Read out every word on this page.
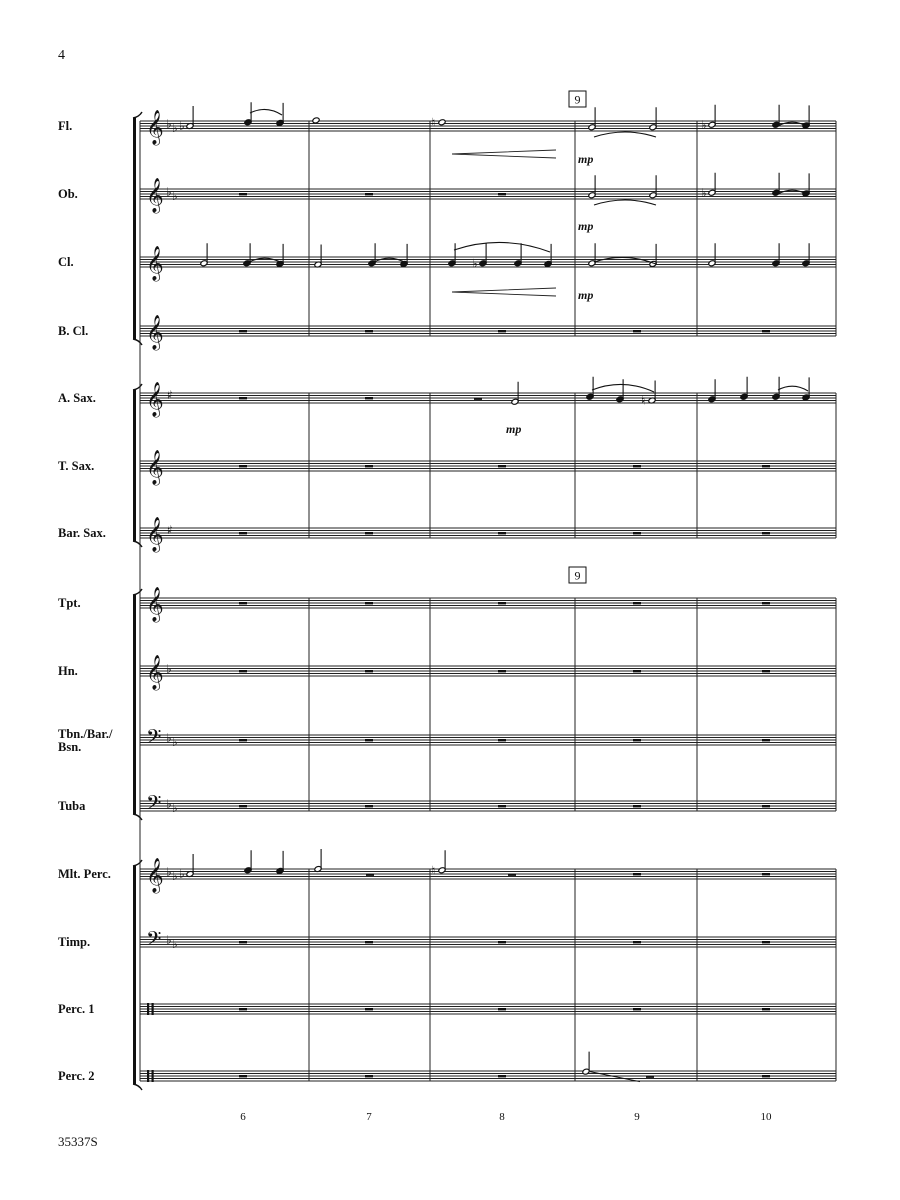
4
35337S
Fl.
Ob.
Cl.
B. Cl.
A. Sax.
T. Sax.
Bar. Sax.
Tpt.
Hn.
Tbn./Bar./
Bsn.
Tuba
Mlt. Perc.
Timp.
Perc. 1
Perc. 2
𝄞 ♭ ♭
𝄞 ♭ ♭
𝄞
𝄞
𝄞 ♯
𝄞
𝄞 ♯
𝄞
𝄞 ♭
𝄢 ♭ ♭
𝄢 ♭ ♭
𝄞 ♭ ♭
𝄢 ♭ ♭
♭	♮	♭
♭
♭
♮
♭	♮
9
9
6	7	8	9	10
mp
mp
mp
mp
